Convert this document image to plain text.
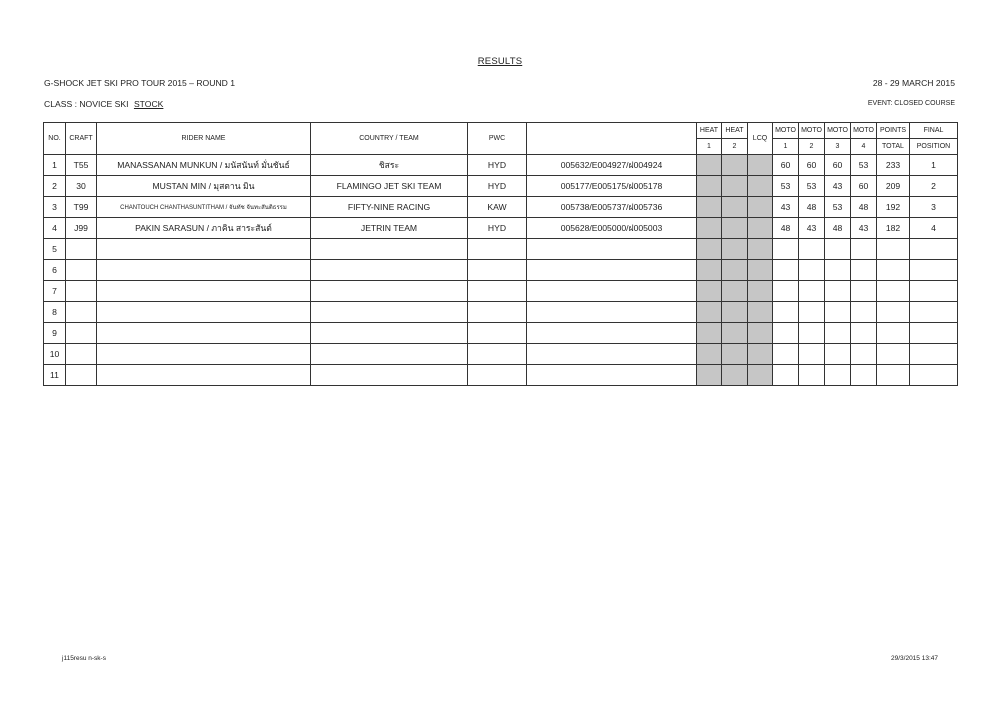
RESULTS
G-SHOCK JET SKI PRO TOUR 2015 – ROUND 1	28 - 29 MARCH 2015
CLASS : NOVICE SKI STOCK	EVENT: CLOSED COURSE
NO.	CRAFT	RIDER NAME	COUNTRY / TEAM	PWC		HEAT	HEAT	LCQ	MOTO	MOTO	MOTO	MOTO	POINTS	FINAL
						1	2		1	2	3	4	TOTAL	POSITION
1	T55	MANASSANAN MUNKUN / มนัสนันท์ มั่นชันธ์	ชิสระ	HYD	005632/E004927/ฝ004924				60	60	60	53	233	1
2	30	MUSTAN MIN / มุสตาน มิน	FLAMINGO JET SKI TEAM	HYD	005177/E005175/ฝ005178				53	53	43	60	209	2
3	T99	CHANTOUCH CHANTHASUNTITHAM / จันทัช จันทะสันติธรรม	FIFTY-NINE RACING	KAW	005738/E005737/ฝ005736				43	48	53	48	192	3
4	J99	PAKIN SARASUN / ภาคิน สาระสันต์	JETRIN TEAM	HYD	005628/E005000/ฝ005003				48	43	48	43	182	4
5														
6														
7														
8														
9														
10														
11														
j115resu n-sk-s	29/3/2015 13:47
